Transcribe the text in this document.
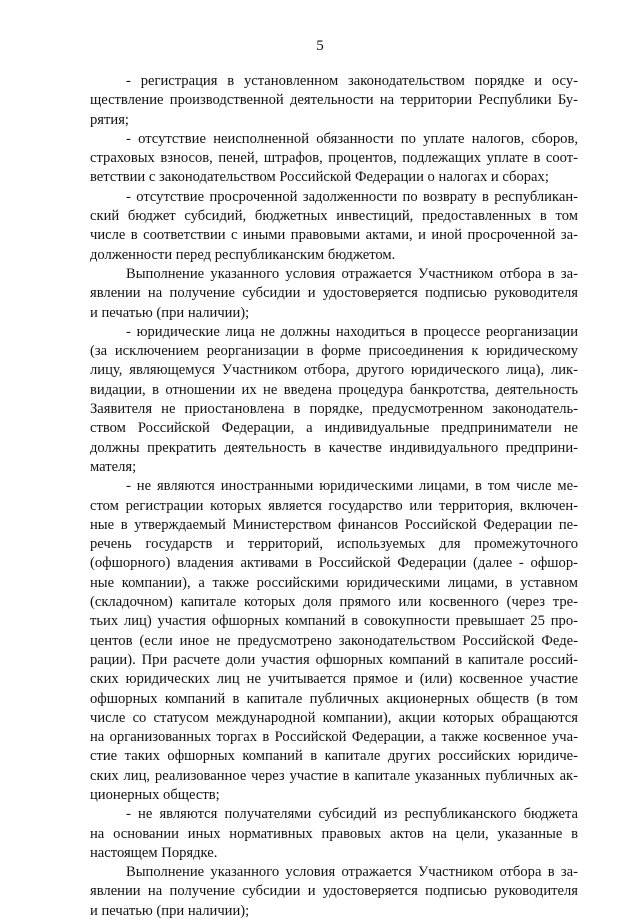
5
- регистрация в установленном законодательством порядке и осу-
ществление производственной деятельности на территории Республики Бу-
рятия;
- отсутствие неисполненной обязанности по уплате налогов, сборов,
страховых взносов, пеней, штрафов, процентов, подлежащих уплате в соот-
ветствии с законодательством Российской Федерации о налогах и сборах;
- отсутствие просроченной задолженности по возврату в республикан-
ский бюджет субсидий, бюджетных инвестиций, предоставленных в том
числе в соответствии с иными правовыми актами, и иной просроченной за-
долженности перед республиканским бюджетом.
Выполнение указанного условия отражается Участником отбора в за-
явлении на получение субсидии и удостоверяется подписью руководителя
и печатью (при наличии);
- юридические лица не должны находиться в процессе реорганизации
(за исключением реорганизации в форме присоединения к юридическому
лицу, являющемуся Участником отбора, другого юридического лица), лик-
видации, в отношении их не введена процедура банкротства, деятельность
Заявителя не приостановлена в порядке, предусмотренном законодатель-
ством Российской Федерации, а индивидуальные предприниматели не
должны прекратить деятельность в качестве индивидуального предприни-
мателя;
- не являются иностранными юридическими лицами, в том числе ме-
стом регистрации которых является государство или территория, включен-
ные в утверждаемый Министерством финансов Российской Федерации пе-
речень государств и территорий, используемых для промежуточного
(офшорного) владения активами в Российской Федерации (далее - офшор-
ные компании), а также российскими юридическими лицами, в уставном
(складочном) капитале которых доля прямого или косвенного (через тре-
тьих лиц) участия офшорных компаний в совокупности превышает 25 про-
центов (если иное не предусмотрено законодательством Российской Феде-
рации). При расчете доли участия офшорных компаний в капитале россий-
ских юридических лиц не учитывается прямое и (или) косвенное участие
офшорных компаний в капитале публичных акционерных обществ (в том
числе со статусом международной компании), акции которых обращаются
на организованных торгах в Российской Федерации, а также косвенное уча-
стие таких офшорных компаний в капитале других российских юридиче-
ских лиц, реализованное через участие в капитале указанных публичных ак-
ционерных обществ;
- не являются получателями субсидий из республиканского бюджета
на основании иных нормативных правовых актов на цели, указанные в
настоящем Порядке.
Выполнение указанного условия отражается Участником отбора в за-
явлении на получение субсидии и удостоверяется подписью руководителя
и печатью (при наличии);
